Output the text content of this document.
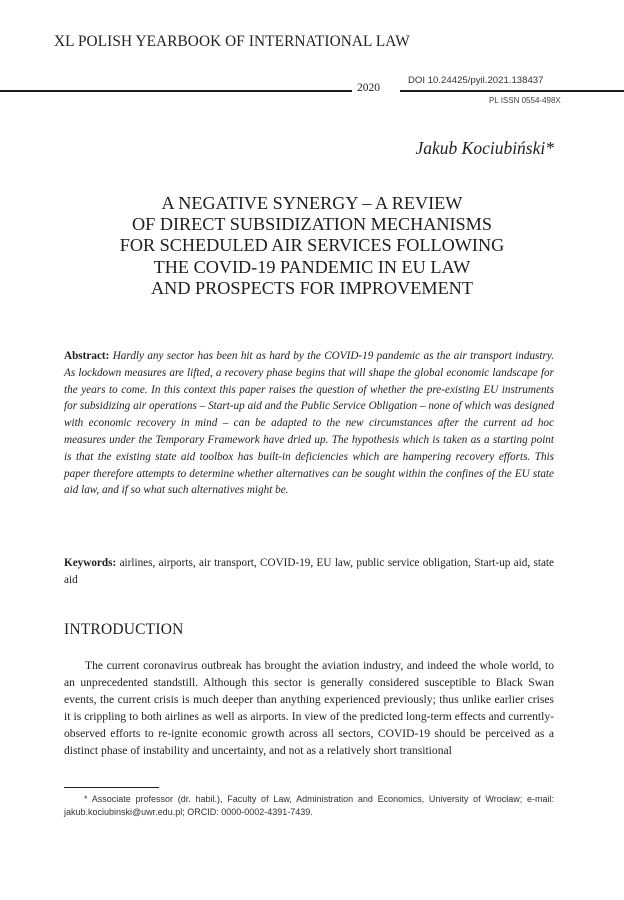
XL POLISH YEARBOOK OF INTERNATIONAL LAW
2020
DOI 10.24425/pyil.2021.138437
PL ISSN 0554-498X
Jakub Kociubiński*
A NEGATIVE SYNERGY – A REVIEW
OF DIRECT SUBSIDIZATION MECHANISMS
FOR SCHEDULED AIR SERVICES FOLLOWING
THE COVID-19 PANDEMIC IN EU LAW
AND PROSPECTS FOR IMPROVEMENT
Abstract: Hardly any sector has been hit as hard by the COVID-19 pandemic as the air transport industry. As lockdown measures are lifted, a recovery phase begins that will shape the global economic landscape for the years to come. In this context this paper raises the question of whether the pre-existing EU instruments for subsidizing air operations – Start-up aid and the Public Service Obligation – none of which was designed with economic recovery in mind – can be adapted to the new circumstances after the current ad hoc measures under the Temporary Framework have dried up. The hypothesis which is taken as a starting point is that the existing state aid toolbox has built-in deficiencies which are hampering recovery efforts. This paper therefore attempts to determine whether alternatives can be sought within the confines of the EU state aid law, and if so what such alternatives might be.
Keywords: airlines, airports, air transport, COVID-19, EU law, public service obligation, Start-up aid, state aid
INTRODUCTION
The current coronavirus outbreak has brought the aviation industry, and indeed the whole world, to an unprecedented standstill. Although this sector is generally considered susceptible to Black Swan events, the current crisis is much deeper than anything experienced previously; thus unlike earlier crises it is crippling to both airlines as well as airports. In view of the predicted long-term effects and currently-observed efforts to re-ignite economic growth across all sectors, COVID-19 should be perceived as a distinct phase of instability and uncertainty, and not as a relatively short transitional
* Associate professor (dr. habil.), Faculty of Law, Administration and Economics, University of Wrocław; e-mail: jakub.kociubinski@uwr.edu.pl; ORCID: 0000-0002-4391-7439.
